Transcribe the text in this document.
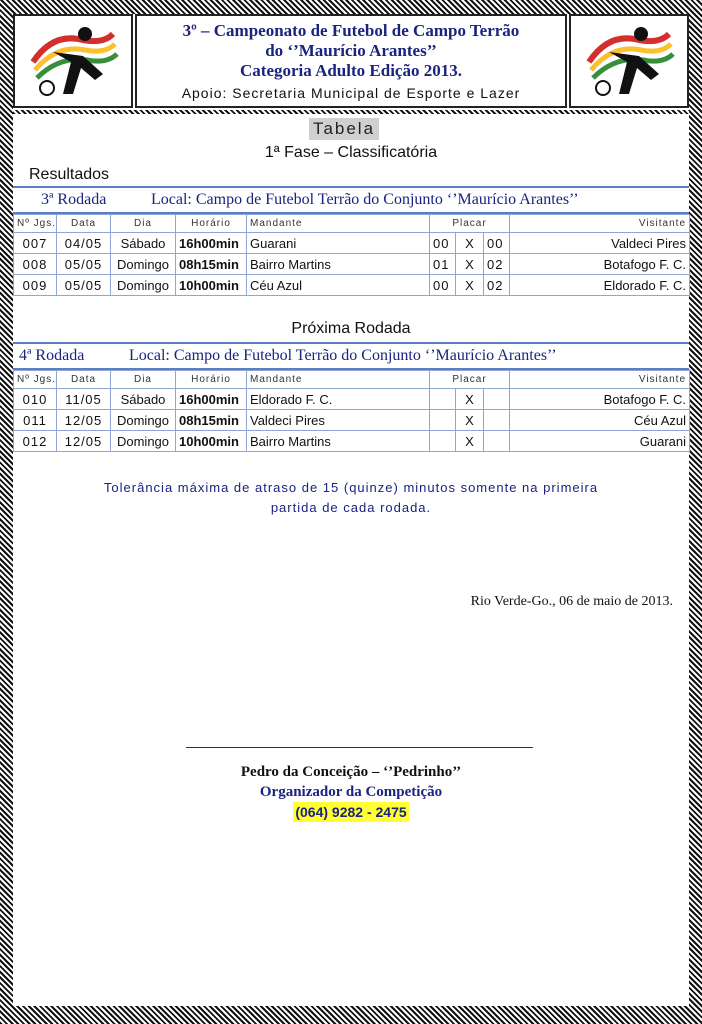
3º – Campeonato de Futebol de Campo Terrão
do ‘’Maurício Arantes’’
Categoria Adulto Edição 2013.
Apoio: Secretaria Municipal de Esporte e Lazer
Tabela
1ª Fase – Classificatória
Resultados
3ª Rodada	Local: Campo de Futebol Terrão do Conjunto ‘’Maurício Arantes’’
Nº Jgs.	Data	Dia	Horário	Mandante	Placar			Visitante
007	04/05	Sábado	16h00min	Guarani	00	X	00	Valdeci Pires
008	05/05	Domingo	08h15min	Bairro Martins	01	X	02	Botafogo F. C.
009	05/05	Domingo	10h00min	Céu Azul	00	X	02	Eldorado F. C.
Próxima Rodada
4ª Rodada	Local: Campo de Futebol Terrão do Conjunto ‘’Maurício Arantes’’
Nº Jgs.	Data	Dia	Horário	Mandante	Placar			Visitante
010	11/05	Sábado	16h00min	Eldorado F. C.		X		Botafogo F. C.
011	12/05	Domingo	08h15min	Valdeci Pires		X		Céu Azul
012	12/05	Domingo	10h00min	Bairro Martins		X		Guarani
Tolerância máxima de atraso de 15 (quinze) minutos somente na primeira
partida de cada rodada.
Rio Verde-Go., 06 de maio de 2013.
Pedro da Conceição – ‘’Pedrinho’’
Organizador da Competição
(064) 9282 - 2475
